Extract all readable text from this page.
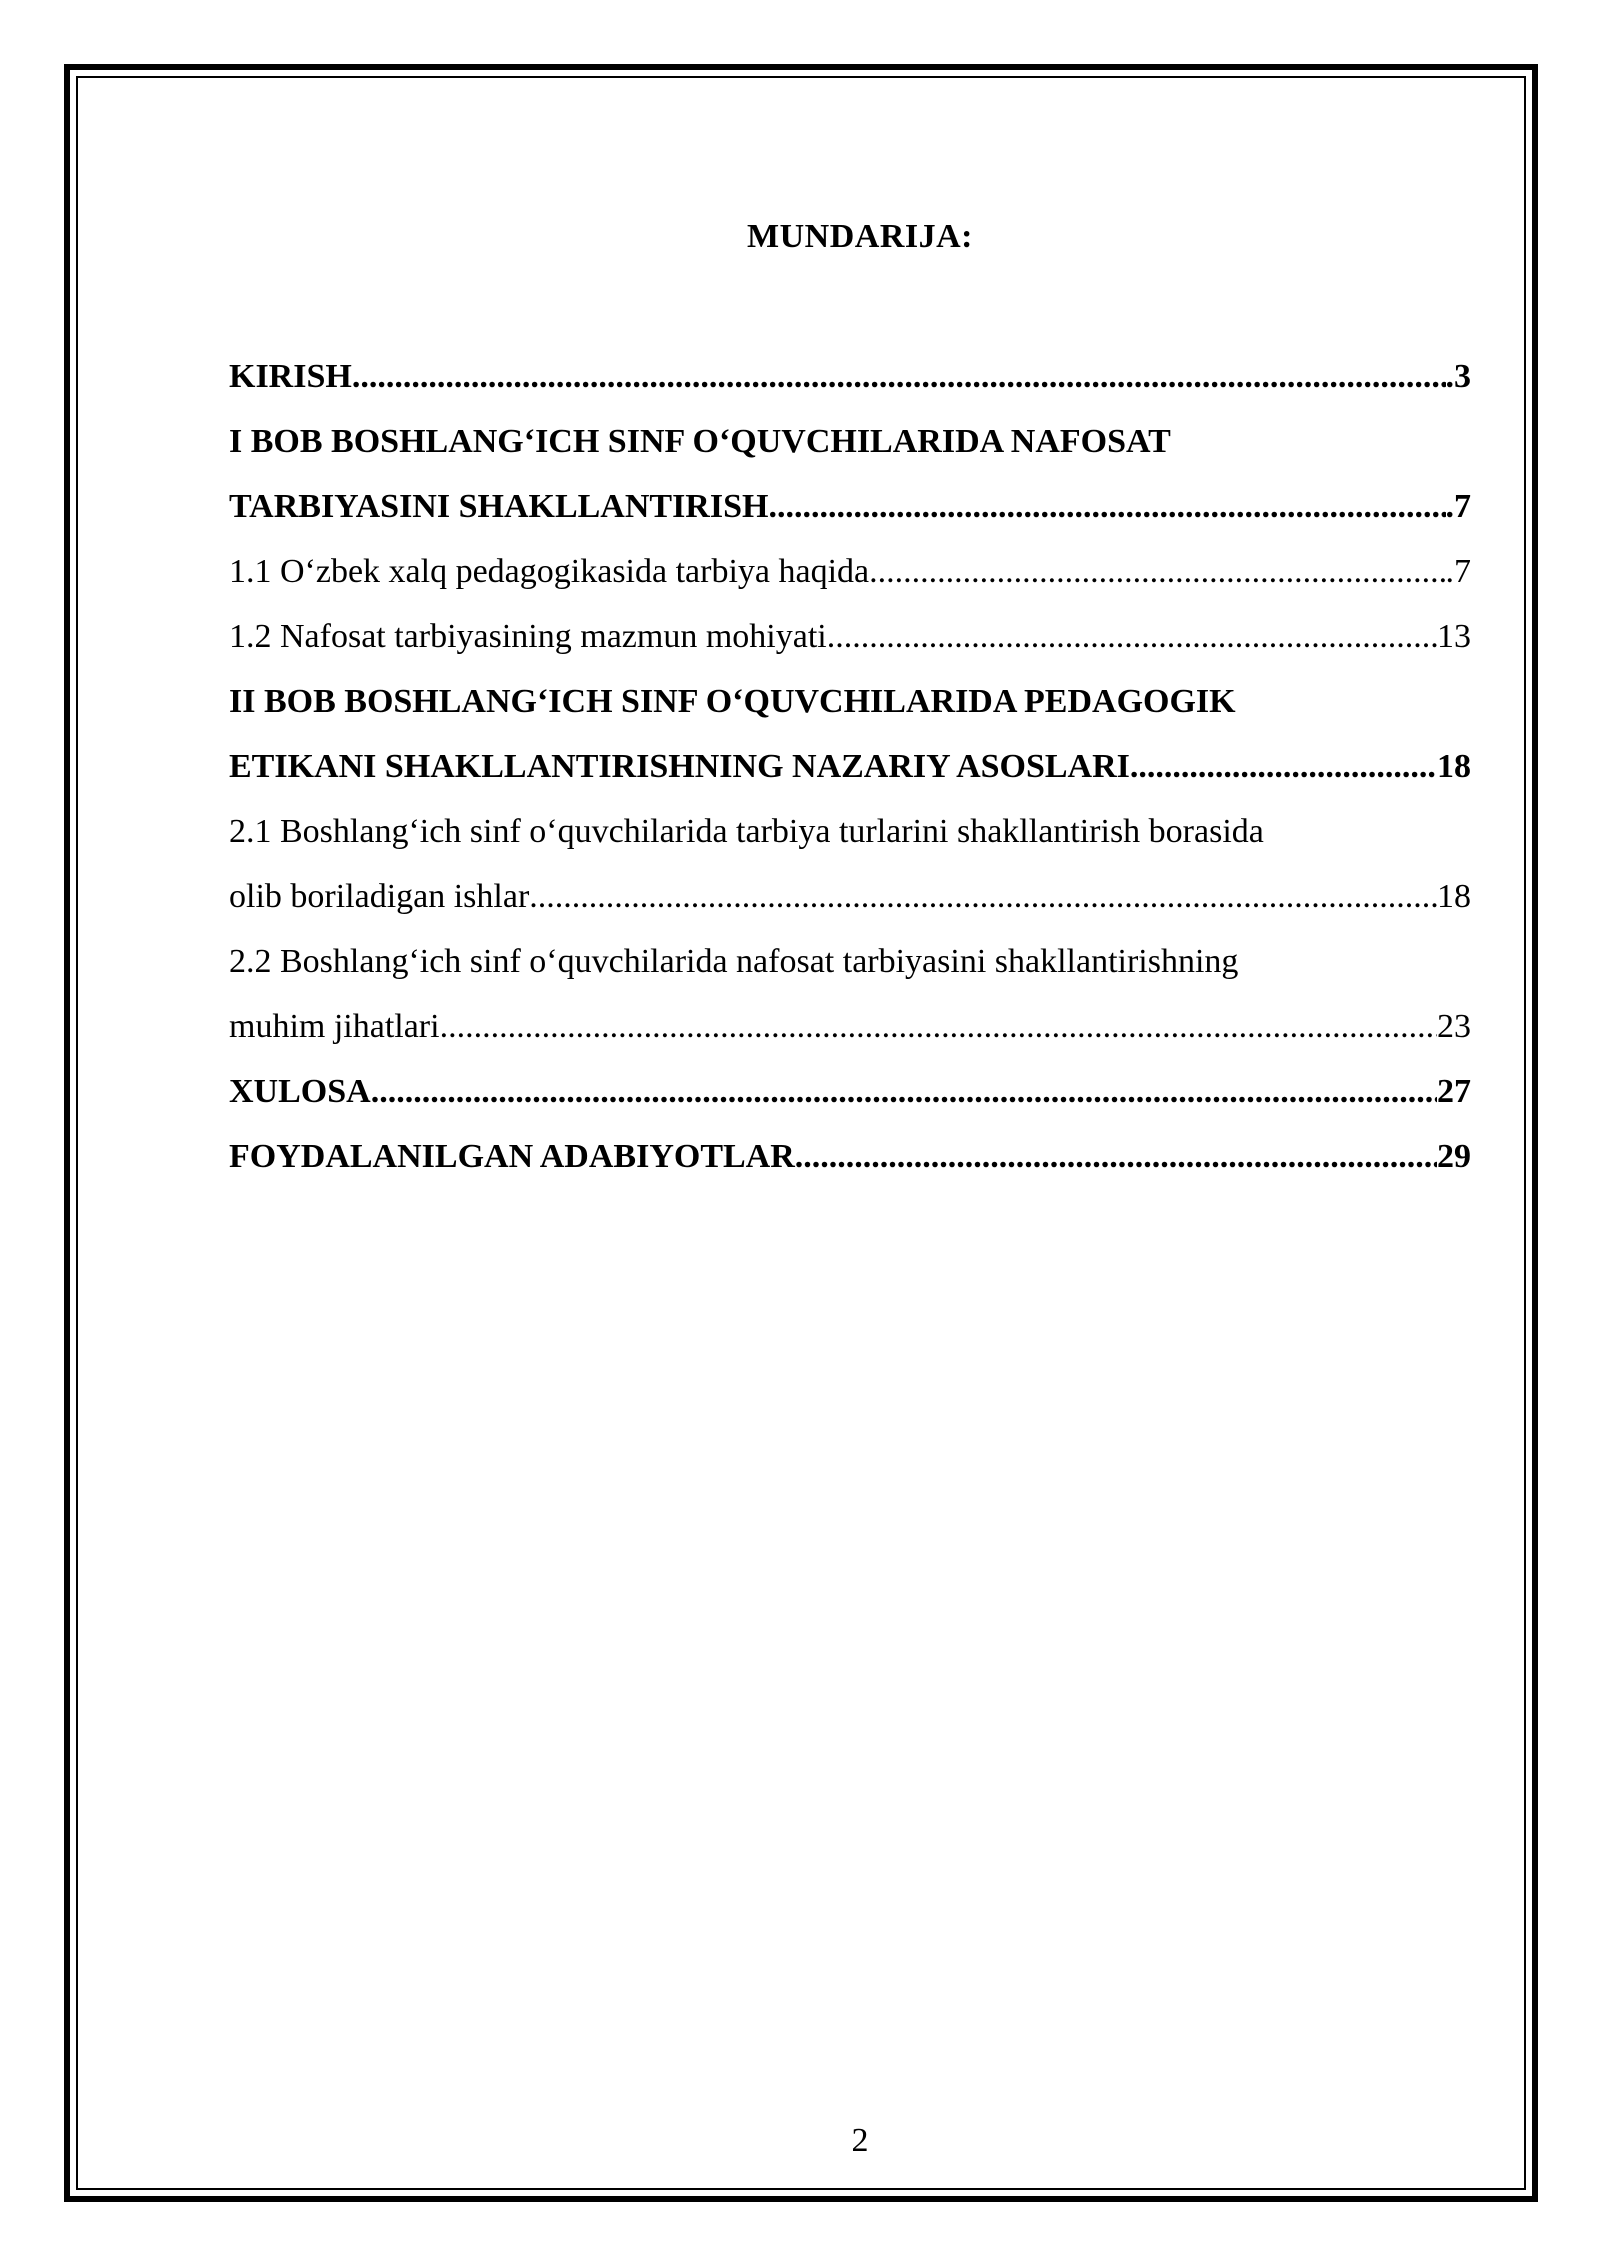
MUNDARIJA:
KIRISH .....	.3
I BOB BOSHLANG‘ICH SINF O‘QUVCHILARIDA NAFOSAT
TARBIYASINI SHAKLLANTIRISH .....	.7
1.1 O‘zbek xalq pedagogikasida tarbiya haqida .....	.7
1.2 Nafosat tarbiyasining mazmun mohiyati .....	13
II BOB BOSHLANG‘ICH SINF O‘QUVCHILARIDA PEDAGOGIK
ETIKANI SHAKLLANTIRISHNING NAZARIY ASOSLARI .....	18
2.1 Boshlang‘ich sinf o‘quvchilarida tarbiya turlarini shakllantirish borasida
olib boriladigan ishlar .....	18
2.2 Boshlang‘ich sinf o‘quvchilarida nafosat tarbiyasini shakllantirishning
muhim jihatlari .....	23
XULOSA .....	27
FOYDALANILGAN ADABIYOTLAR .....	29
2
